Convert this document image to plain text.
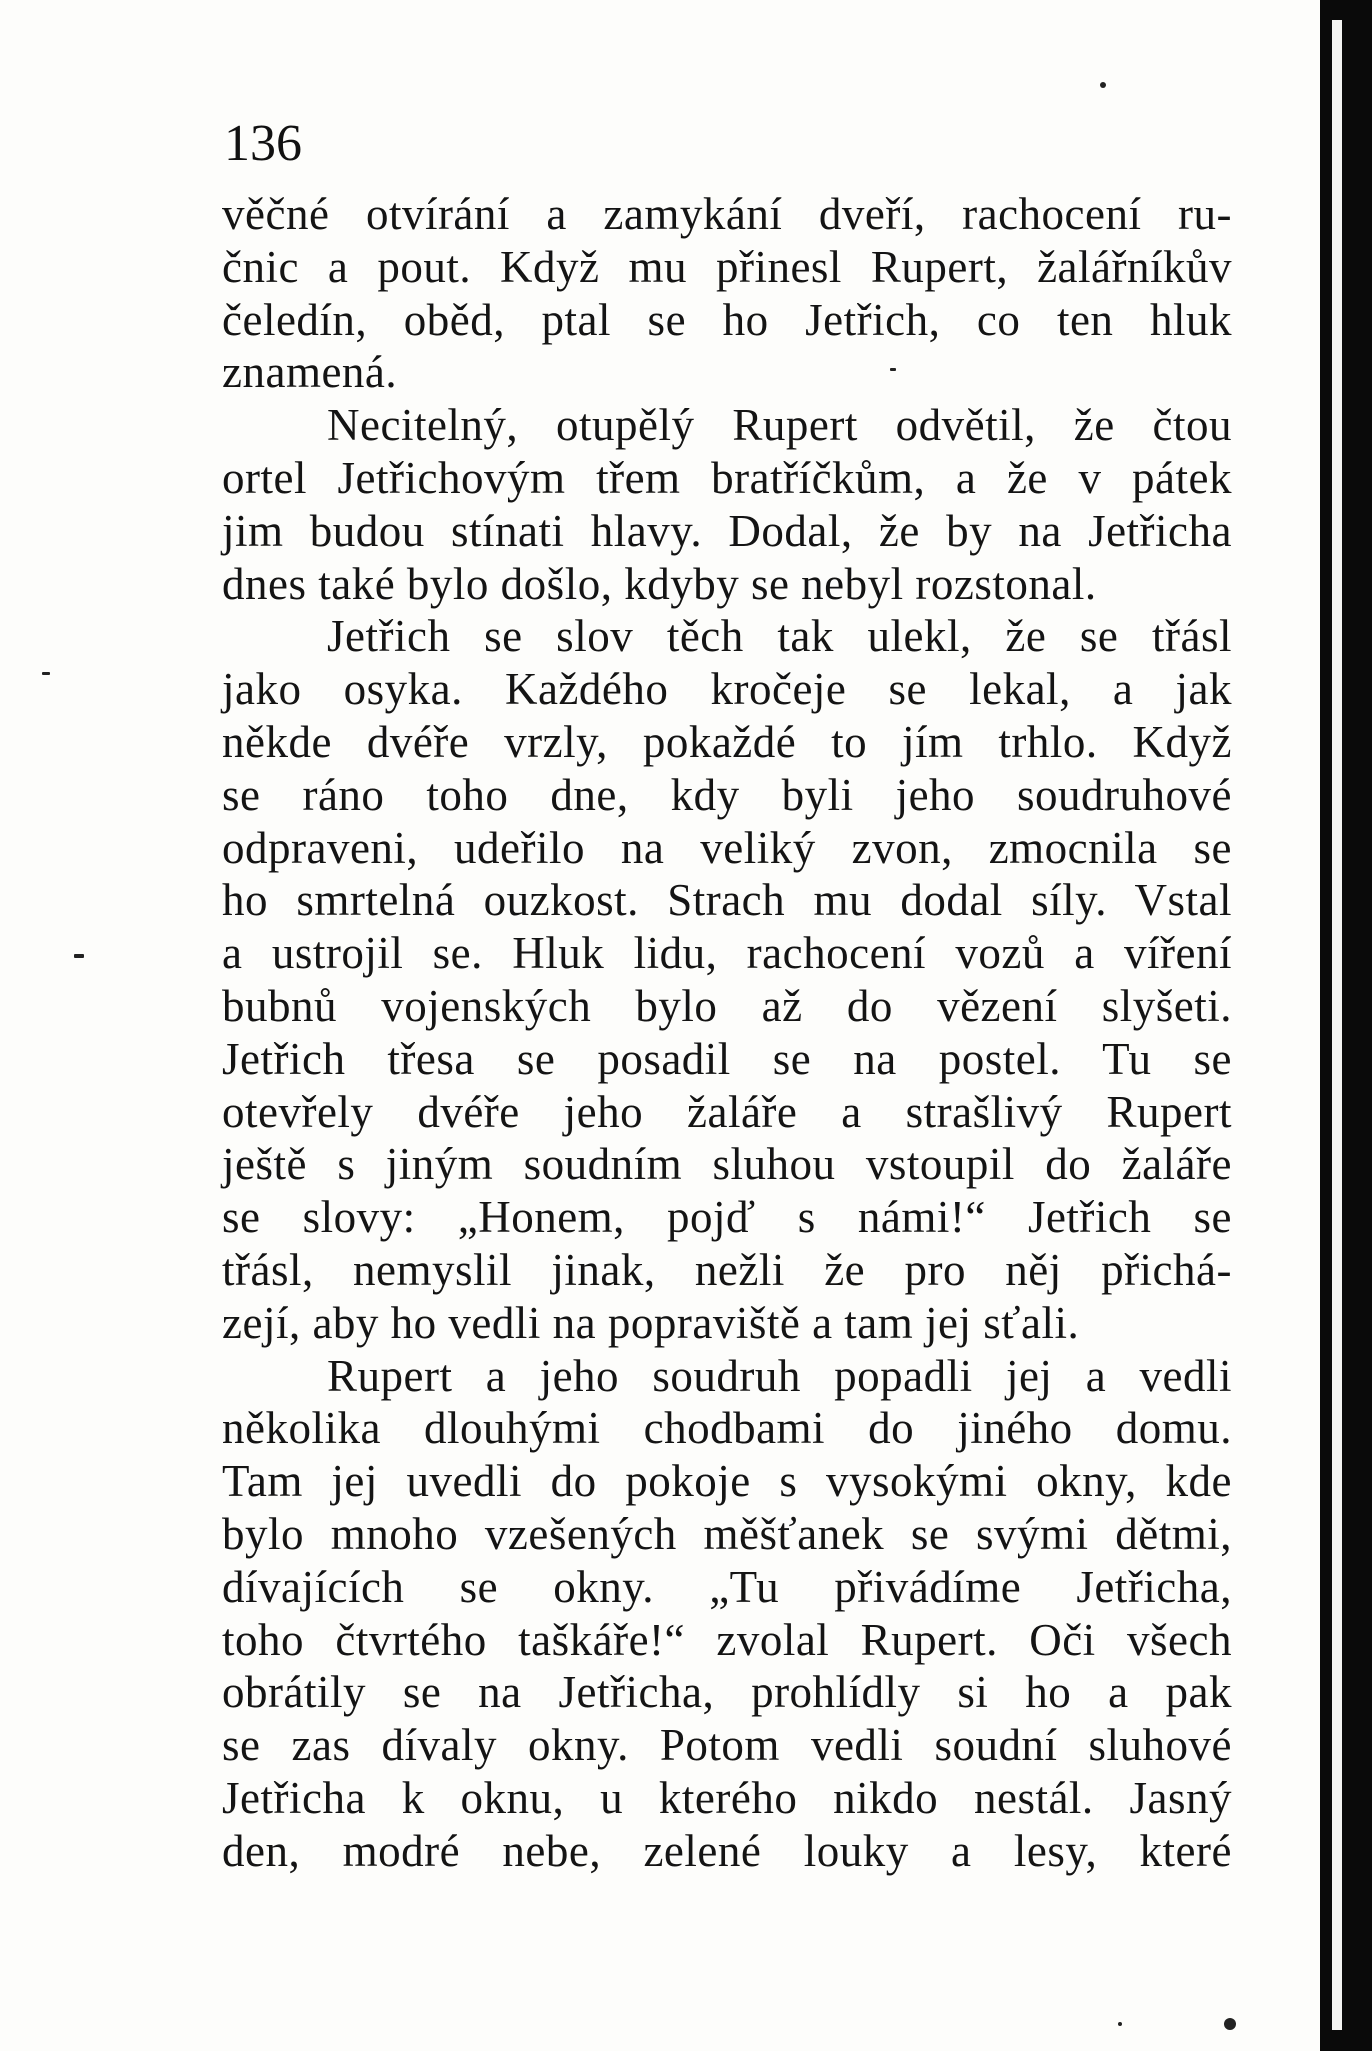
136
věčné otvírání a zamykání dveří, rachocení ru-
čnic a pout. Když mu přinesl Rupert, žalářníkův
čeledín, oběd, ptal se ho Jetřich, co ten hluk
znamená.
Necitelný, otupělý Rupert odvětil, že čtou
ortel Jetřichovým třem bratříčkům, a že v pátek
jim budou stínati hlavy. Dodal, že by na Jetřicha
dnes také bylo došlo, kdyby se nebyl rozstonal.
Jetřich se slov těch tak ulekl, že se třásl
jako osyka. Každého kročeje se lekal, a jak
někde dvéře vrzly, pokaždé to jím trhlo. Když
se ráno toho dne, kdy byli jeho soudruhové
odpraveni, udeřilo na veliký zvon, zmocnila se
ho smrtelná ouzkost. Strach mu dodal síly. Vstal
a ustrojil se. Hluk lidu, rachocení vozů a víření
bubnů vojenských bylo až do vězení slyšeti.
Jetřich třesa se posadil se na postel. Tu se
otevřely dvéře jeho žaláře a strašlivý Rupert
ještě s jiným soudním sluhou vstoupil do žaláře
se slovy: „Honem, pojď s námi!“ Jetřich se
třásl, nemyslil jinak, nežli že pro něj přichá-
zejí, aby ho vedli na popraviště a tam jej sťali.
Rupert a jeho soudruh popadli jej a vedli
několika dlouhými chodbami do jiného domu.
Tam jej uvedli do pokoje s vysokými okny, kde
bylo mnoho vzešených měšťanek se svými dětmi,
dívajících se okny. „Tu přivádíme Jetřicha,
toho čtvrtého taškáře!“ zvolal Rupert. Oči všech
obrátily se na Jetřicha, prohlídly si ho a pak
se zas dívaly okny. Potom vedli soudní sluhové
Jetřicha k oknu, u kterého nikdo nestál. Jasný
den, modré nebe, zelené louky a lesy, které
